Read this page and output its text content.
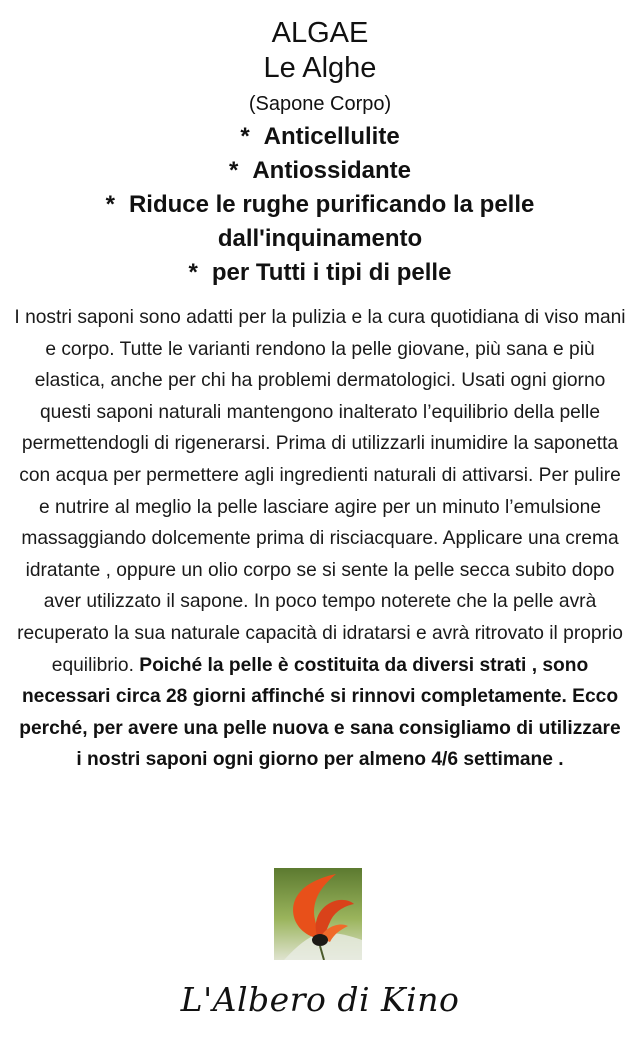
ALGAE
Le Alghe
(Sapone Corpo)
* Anticellulite
* Antiossidante
* Riduce le rughe purificando la pelle
dall'inquinamento
* per Tutti i tipi di pelle
I nostri saponi sono adatti per la pulizia e la cura quotidiana di viso mani e corpo. Tutte le varianti rendono la pelle giovane, più sana e più elastica, anche per chi ha problemi dermatologici. Usati ogni giorno questi saponi naturali mantengono inalterato l’equilibrio della pelle permettendogli di rigenerarsi. Prima di utilizzarli inumidire la saponetta con acqua per permettere agli ingredienti naturali di attivarsi. Per pulire e nutrire al meglio la pelle lasciare agire per un minuto l’emulsione massaggiando dolcemente prima di risciacquare. Applicare una crema idratante , oppure un olio corpo se si sente la pelle secca subito dopo aver utilizzato il sapone. In poco tempo noterete che la pelle avrà recuperato la sua naturale capacità di idratarsi e avrà ritrovato il proprio equilibrio. Poiché la pelle è costituita da diversi strati , sono necessari circa 28 giorni affinché si rinnovi completamente. Ecco perché, per avere una pelle nuova e sana consigliamo di utilizzare i nostri saponi ogni giorno per almeno 4/6 settimane .
L'Albero di Kino
